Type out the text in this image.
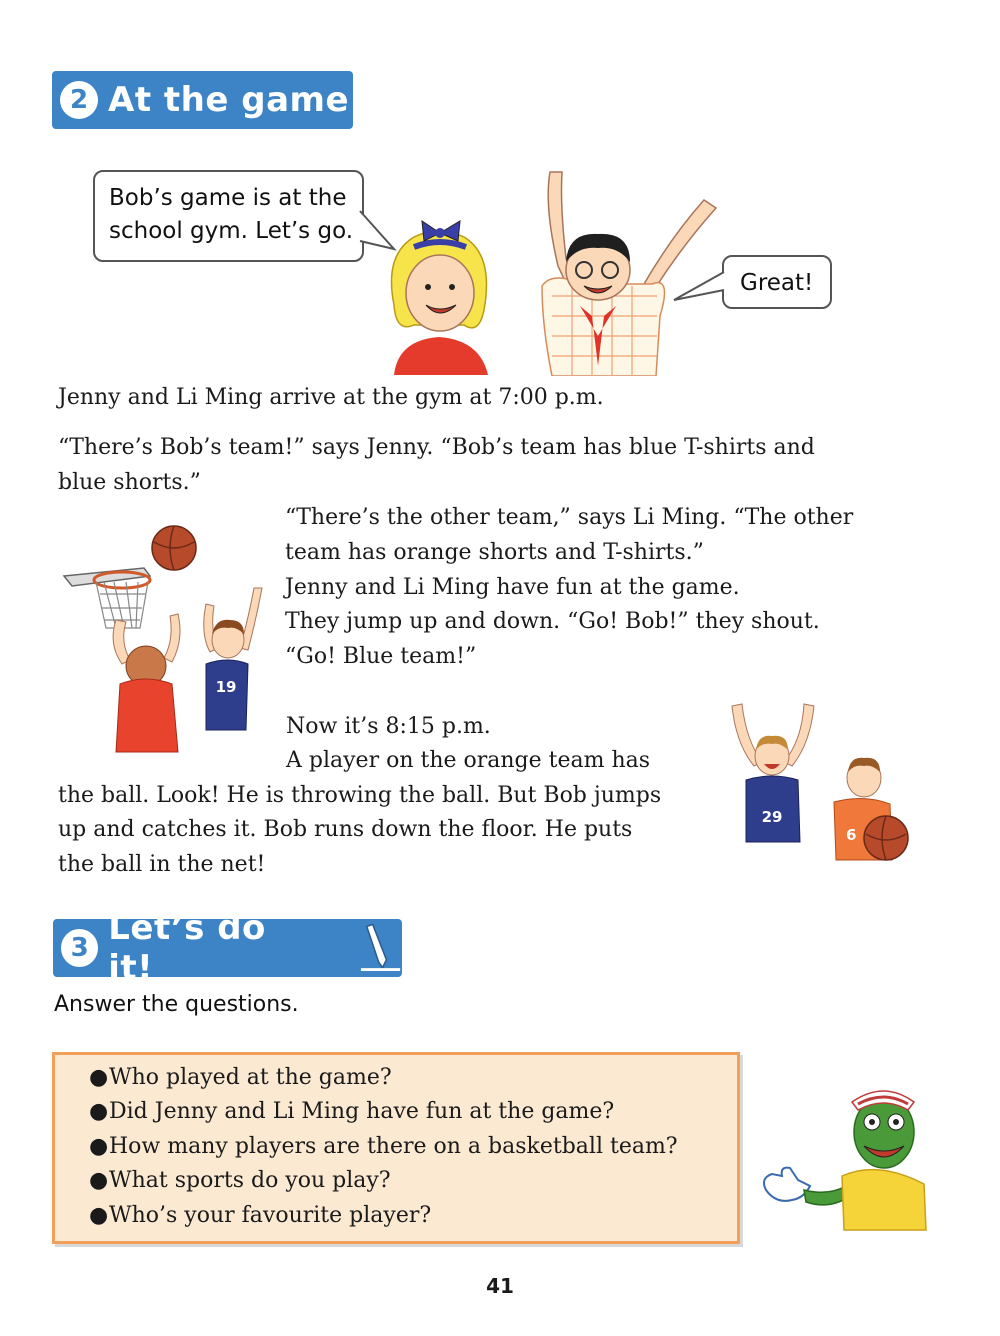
2 At the game
Bob’s game is at the
school gym. Let’s go.
Great!
Jenny and Li Ming arrive at the gym at 7:00 p.m.
“There’s Bob’s team!” says Jenny. “Bob’s team has blue T-shirts and
blue shorts.”
“There’s the other team,” says Li Ming. “The other
team has orange shorts and T-shirts.”
Jenny and Li Ming have fun at the game.
They jump up and down. “Go! Bob!” they shout.
“Go! Blue team!”
19
Now it’s 8:15 p.m.
A player on the orange team has
the ball. Look! He is throwing the ball. But Bob jumps
up and catches it. Bob runs down the floor. He puts
the ball in the net!
29
6
3 Let’s do it!
Answer the questions.
●Who played at the game?
●Did Jenny and Li Ming have fun at the game?
●How many players are there on a basketball team?
●What sports do you play?
●Who’s your favourite player?
41
